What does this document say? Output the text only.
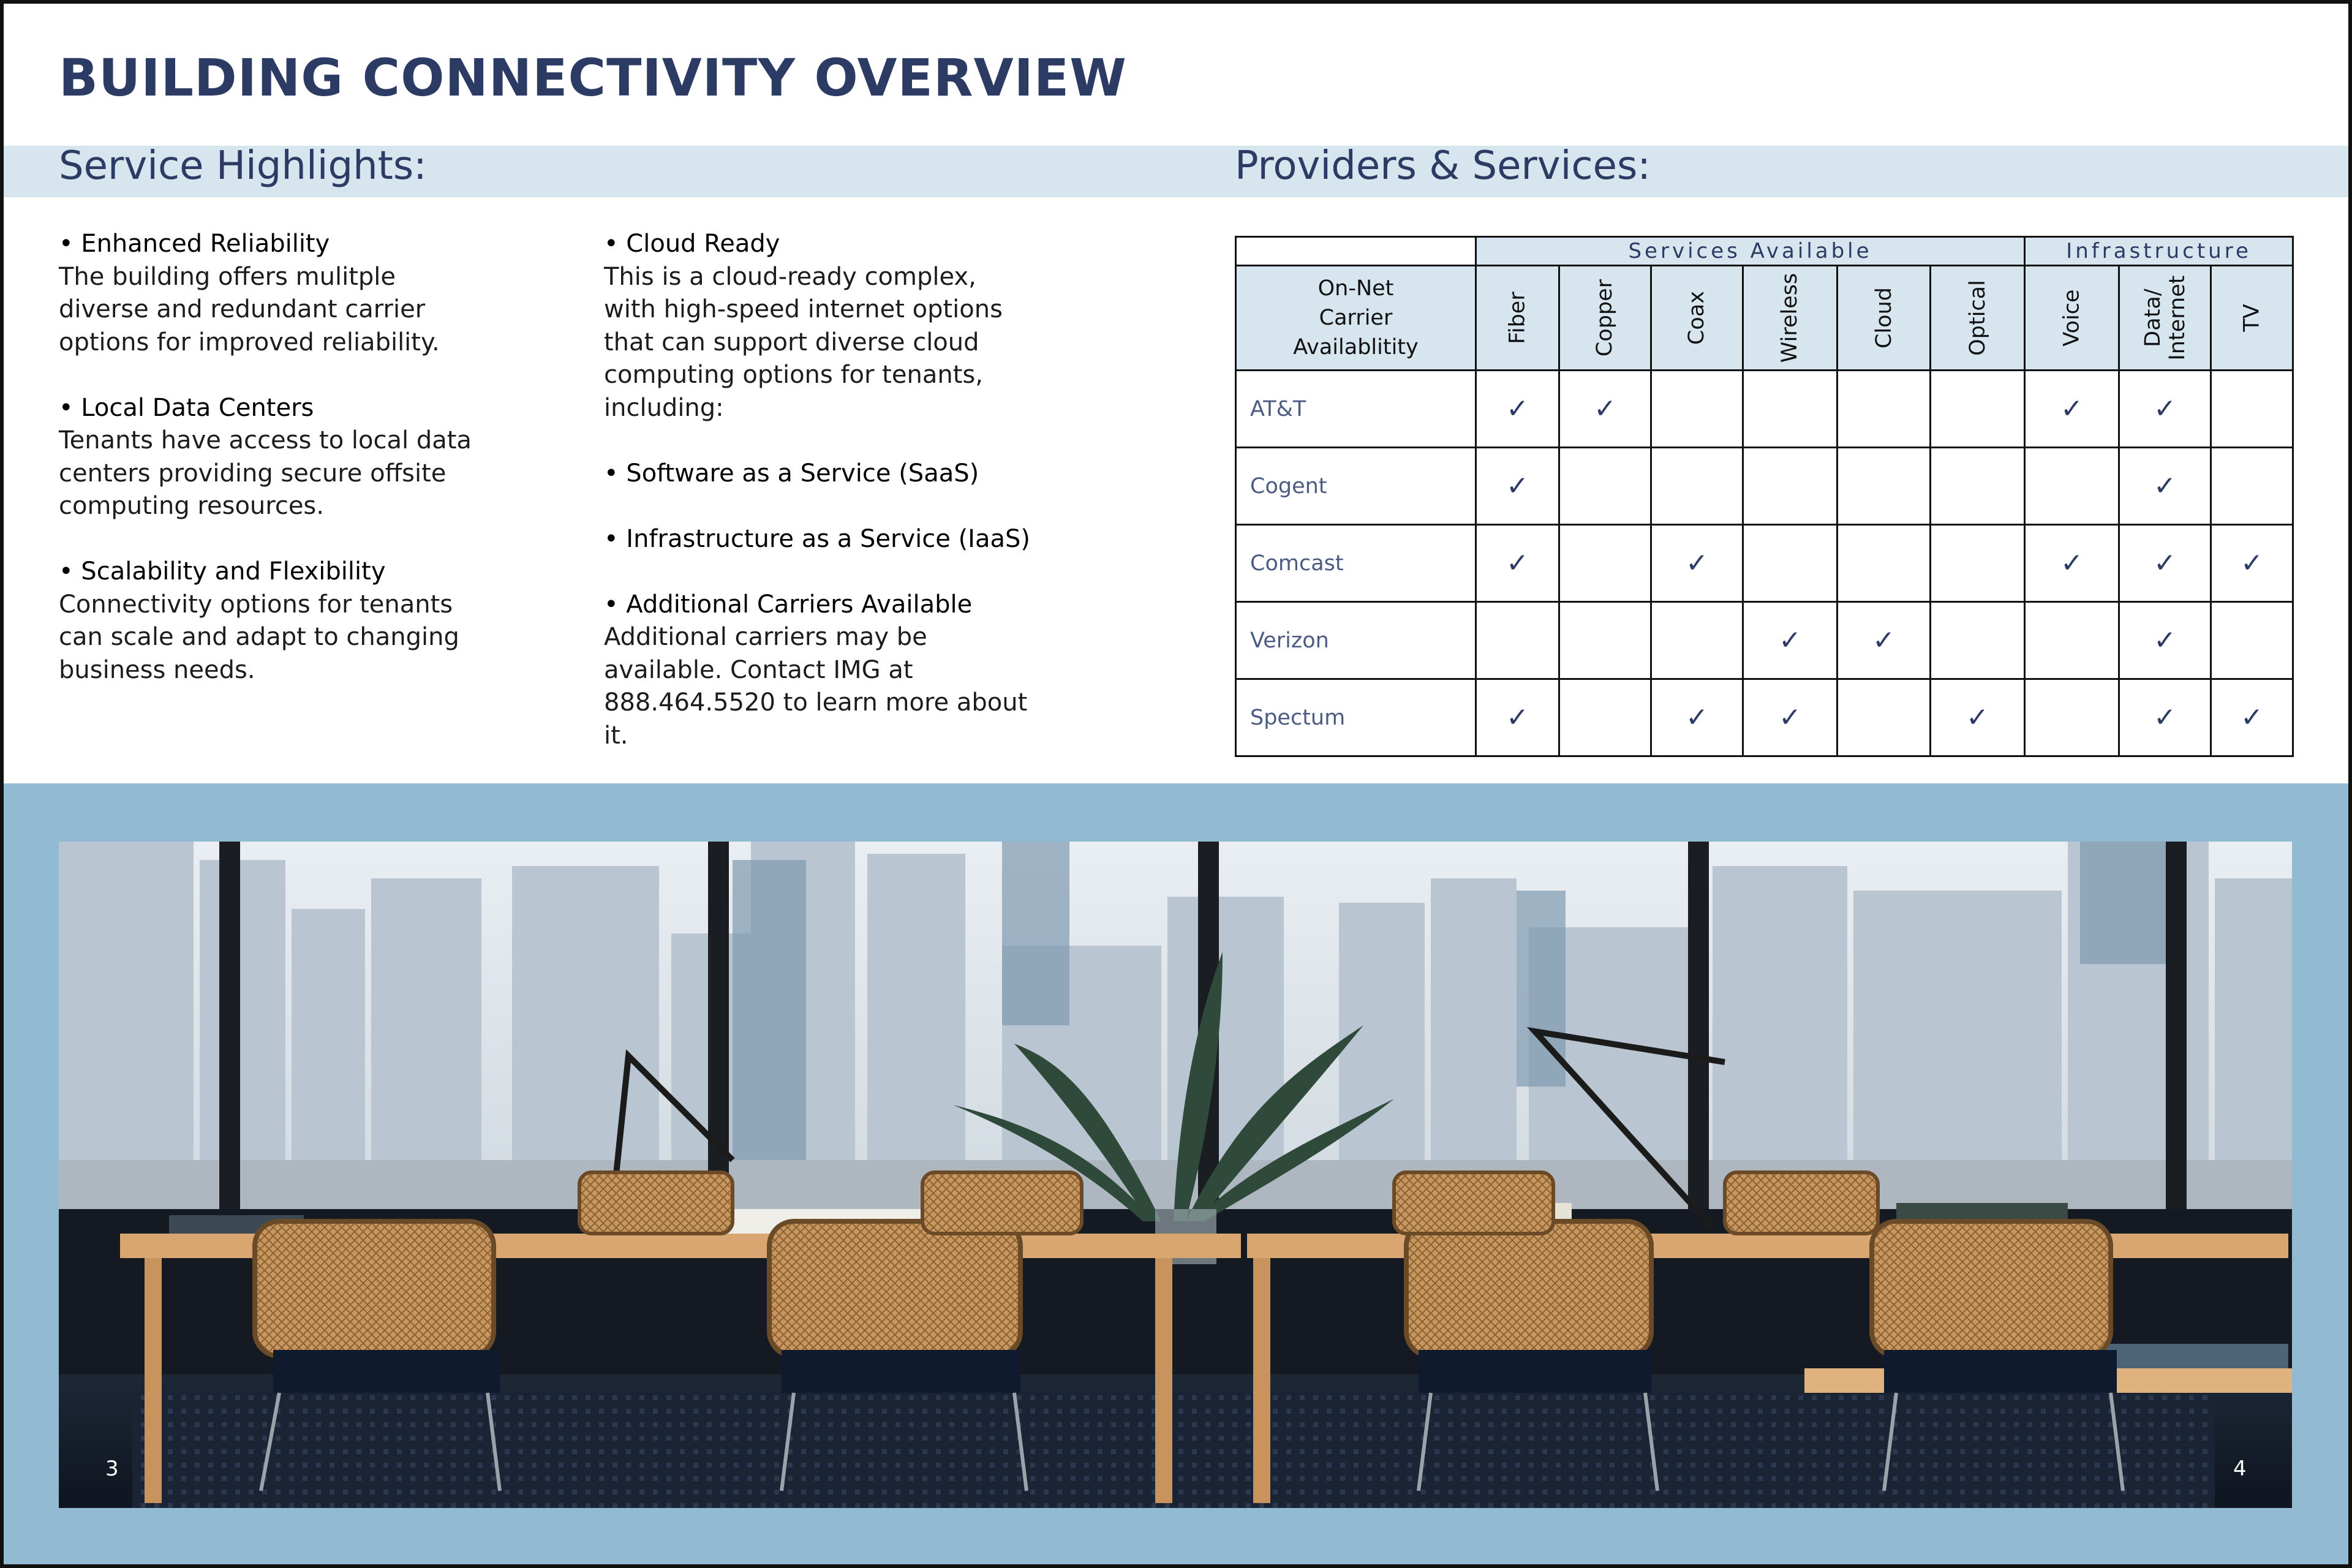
BUILDING CONNECTIVITY OVERVIEW
Service Highlights:	Providers & Services:
• Enhanced Reliability
The building offers mulitple diverse and redundant carrier options for improved reliability.
• Local Data Centers
Tenants have access to local data centers providing secure offsite computing resources.
• Scalability and Flexibility
Connectivity options for tenants can scale and adapt to changing business needs.
• Cloud Ready
This is a cloud-ready complex, with high-speed internet options that can support diverse cloud computing options for tenants, including:
• Software as a Service (SaaS)
• Infrastructure as a Service (IaaS)
• Additional Carriers Available
Additional carriers may be available. Contact IMG at 888.464.5520 to learn more about it.
	Services Available						Infrastructure		

On-Net Carrier Availablitity	Fiber	Copper	Coax	Wireless	Cloud	Optical	Voice	Data/ Internet	TV

AT&T	✓	✓					✓	✓	
Cogent	✓							✓	
Comcast	✓		✓				✓	✓	✓
Verizon				✓	✓			✓	
Spectum	✓		✓	✓		✓		✓	✓
3	4
